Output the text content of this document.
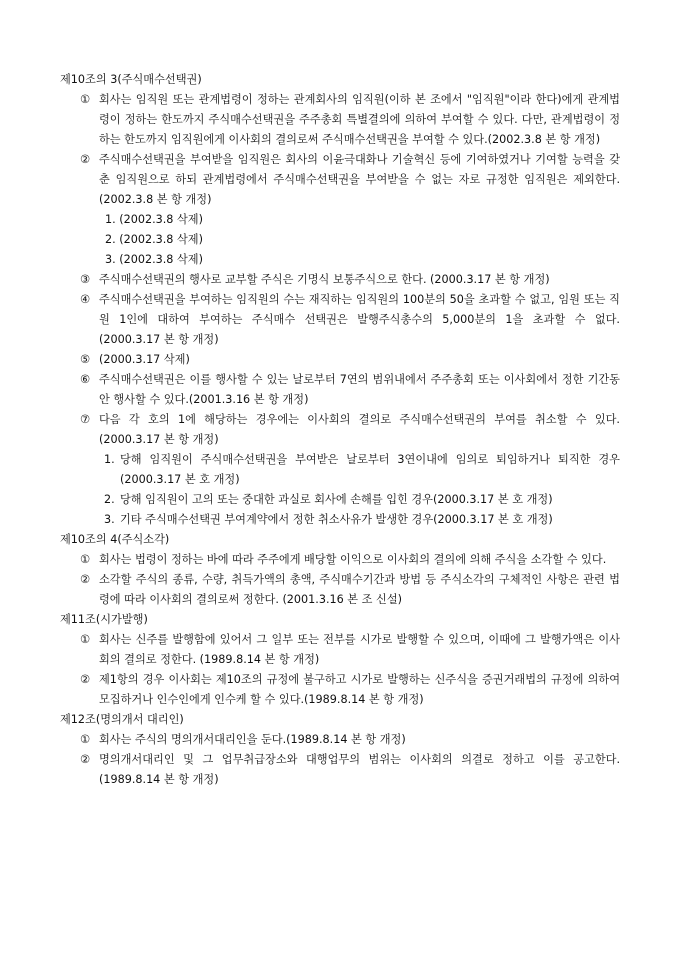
제10조의 3(주식매수선택권)
① 회사는 임직원 또는 관계법령이 정하는 관계회사의 임직원(이하 본 조에서 "임직원"이라 한다)에게 관계법령이 정하는 한도까지 주식매수선택권을 주주총회 특별결의에 의하여 부여할 수 있다. 다만, 관계법령이 정하는 한도까지 임직원에게 이사회의 결의로써 주식매수선택권을 부여할 수 있다.(2002.3.8 본 항 개정)
② 주식매수선택권을 부여받을 임직원은 회사의 이윤극대화나 기술혁신 등에 기여하였거나 기여할 능력을 갖춘 임직원으로 하되 관계법령에서 주식매수선택권을 부여받을 수 없는 자로 규정한 임직원은 제외한다.(2002.3.8 본 항 개정)
1. (2002.3.8 삭제)
2. (2002.3.8 삭제)
3. (2002.3.8 삭제)
③ 주식매수선택권의 행사로 교부할 주식은 기명식 보통주식으로 한다. (2000.3.17 본 항 개정)
④ 주식매수선택권을 부여하는 임직원의 수는 재직하는 임직원의 100분의 50을 초과할 수 없고, 임원 또는 직원 1인에 대하여 부여하는 주식매수 선택권은 발행주식총수의 5,000분의 1을 초과할 수 없다. (2000.3.17 본 항 개정)
⑤ (2000.3.17 삭제)
⑥ 주식매수선택권은 이를 행사할 수 있는 날로부터 7연의 범위내에서 주주총회 또는 이사회에서 정한 기간동안 행사할 수 있다.(2001.3.16 본 항 개정)
⑦ 다음 각 호의 1에 해당하는 경우에는 이사회의 결의로 주식매수선택권의 부여를 취소할 수 있다.(2000.3.17 본 항 개정)
1. 당해 임직원이 주식매수선택권을 부여받은 날로부터 3연이내에 임의로 퇴임하거나 퇴직한 경우(2000.3.17 본 호 개정)
2. 당해 임직원이 고의 또는 중대한 과실로 회사에 손해를 입힌 경우(2000.3.17 본 호 개정)
3. 기타 주식매수선택권 부여계약에서 정한 취소사유가 발생한 경우(2000.3.17 본 호 개정)
제10조의 4(주식소각)
① 회사는 법령이 정하는 바에 따라 주주에게 배당할 이익으로 이사회의 결의에 의해 주식을 소각할 수 있다.
② 소각할 주식의 종류, 수량, 취득가액의 총액, 주식매수기간과 방법 등 주식소각의 구체적인 사항은 관련 법령에 따라 이사회의 결의로써 정한다. (2001.3.16 본 조 신설)
제11조(시가발행)
① 회사는 신주를 발행함에 있어서 그 일부 또는 전부를 시가로 발행할 수 있으며, 이때에 그 발행가액은 이사회의 결의로 정한다. (1989.8.14 본 항 개정)
② 제1항의 경우 이사회는 제10조의 규정에 불구하고 시가로 발행하는 신주식을 증권거래법의 규정에 의하여 모집하거나 인수인에게 인수케 할 수 있다.(1989.8.14 본 항 개정)
제12조(명의개서 대리인)
① 회사는 주식의 명의개서대리인을 둔다.(1989.8.14 본 항 개정)
② 명의개서대리인 및 그 업무취급장소와 대행업무의 범위는 이사회의 의결로 정하고 이를 공고한다.(1989.8.14 본 항 개정)
